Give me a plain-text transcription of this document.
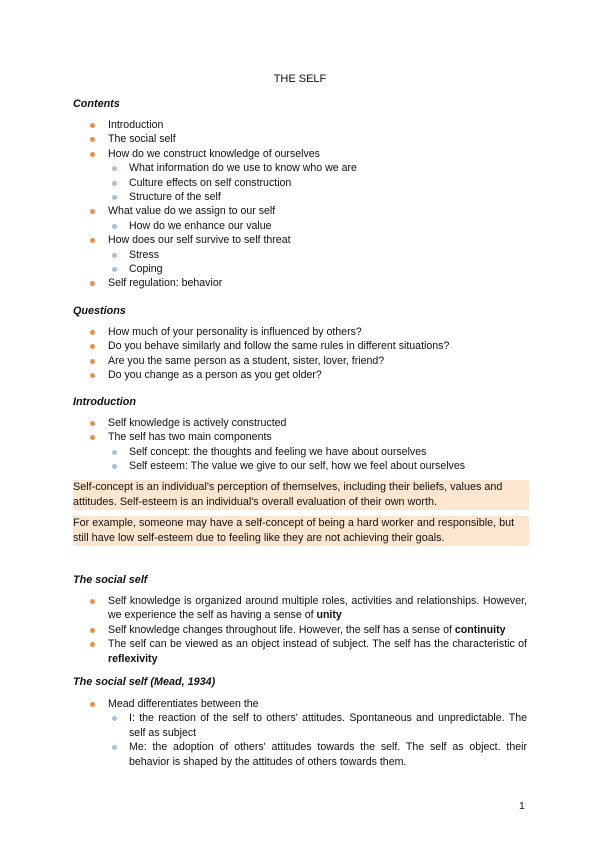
THE SELF
Contents
Introduction
The social self
How do we construct knowledge of ourselves
What information do we use to know who we are
Culture effects on self construction
Structure of the self
What value do we assign to our self
How do we enhance our value
How does our self survive to self threat
Stress
Coping
Self regulation: behavior
Questions
How much of your personality is influenced by others?
Do you behave similarly and follow the same rules in different situations?
Are you the same person as a student, sister, lover, friend?
Do you change as a person as you get older?
Introduction
Self knowledge is actively constructed
The self has two main components
Self concept: the thoughts and feeling we have about ourselves
Self esteem: The value we give to our self, how we feel about ourselves
Self-concept is an individual's perception of themselves, including their beliefs, values and attitudes. Self-esteem is an individual's overall evaluation of their own worth.
For example, someone may have a self-concept of being a hard worker and responsible, but still have low self-esteem due to feeling like they are not achieving their goals.
The social self
Self knowledge is organized around multiple roles, activities and relationships. However, we experience the self as having a sense of unity
Self knowledge changes throughout life. However, the self has a sense of continuity
The self can be viewed as an object instead of subject. The self has the characteristic of reflexivity
The social self (Mead, 1934)
Mead differentiates between the
I: the reaction of the self to others' attitudes. Spontaneous and unpredictable. The self as subject
Me: the adoption of others' attitudes towards the self. The self as object. their behavior is shaped by the attitudes of others towards them.
1
